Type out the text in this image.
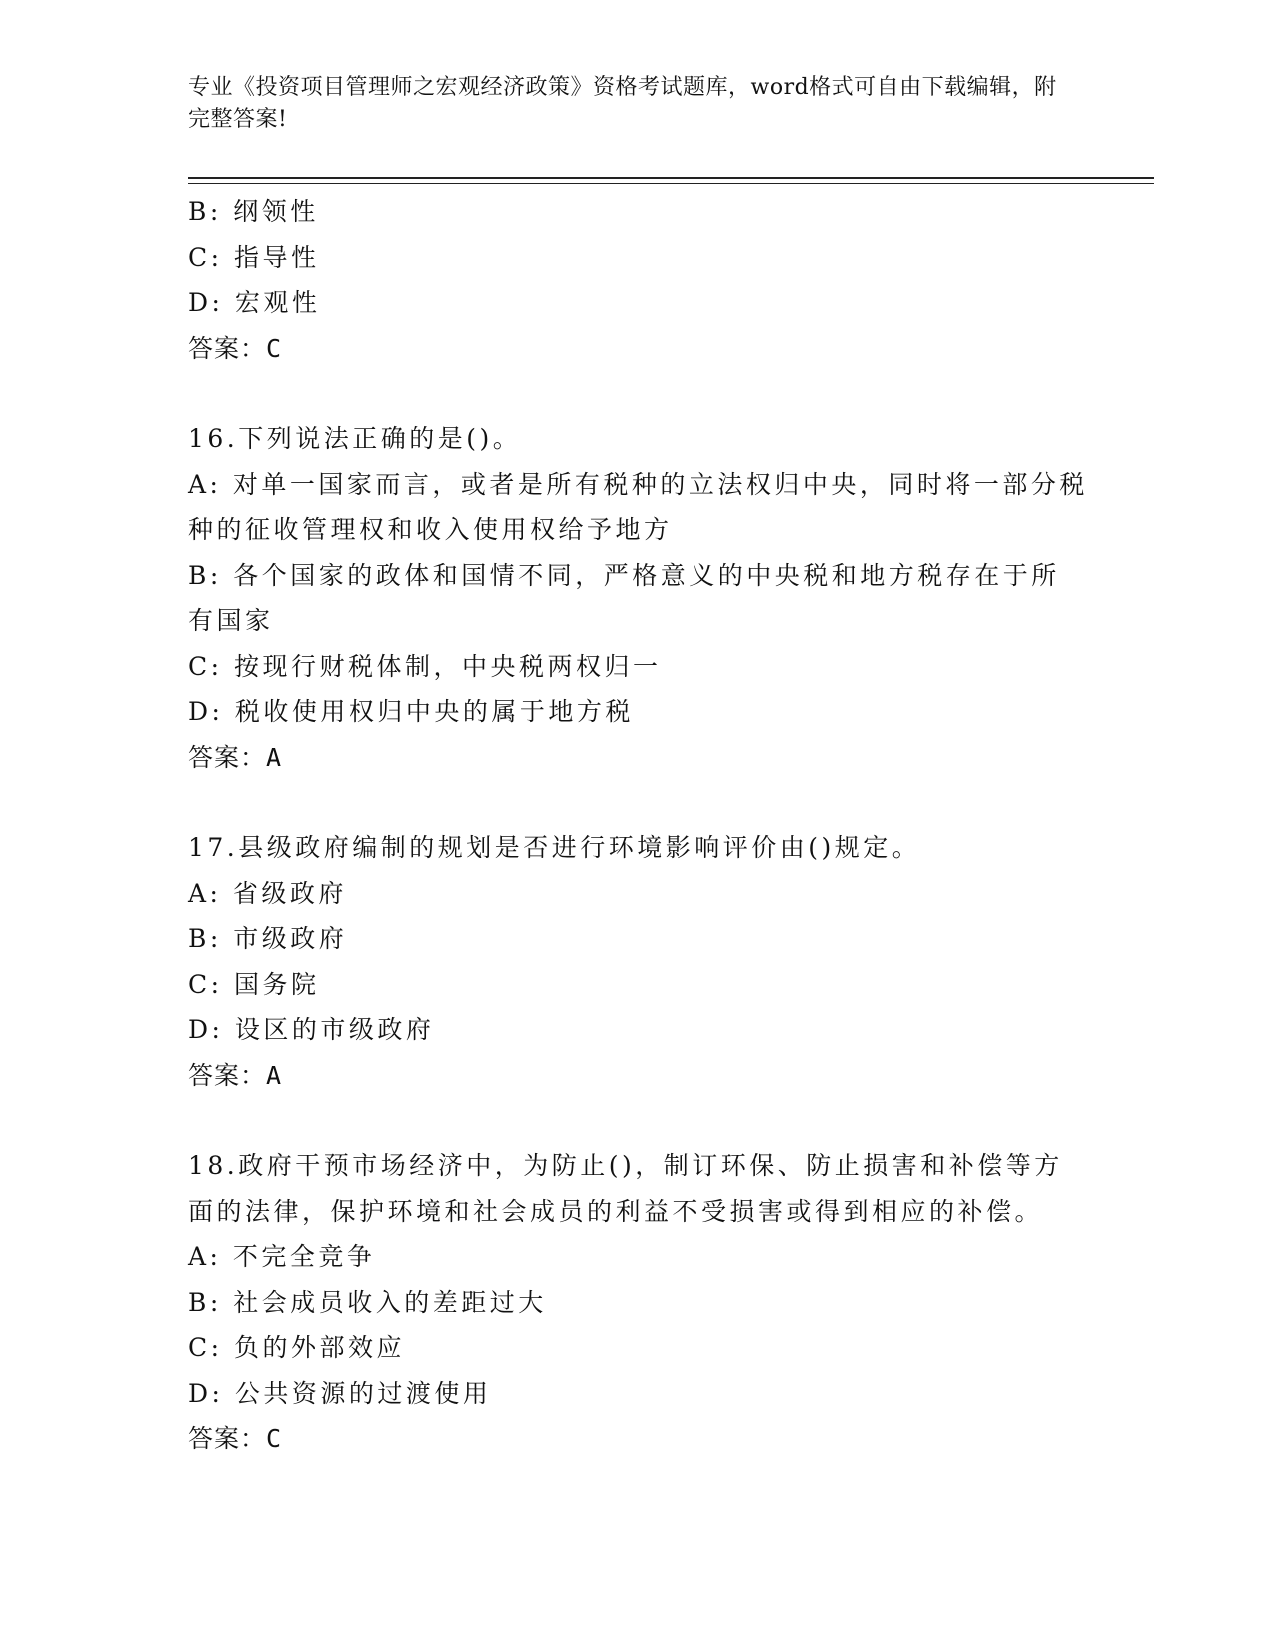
专业《投资项目管理师之宏观经济政策》资格考试题库，word格式可自由下载编辑，附完整答案!
B: 纲领性
C: 指导性
D: 宏观性
答案：C
16.下列说法正确的是()。
A: 对单一国家而言，或者是所有税种的立法权归中央，同时将一部分税种的征收管理权和收入使用权给予地方
B: 各个国家的政体和国情不同，严格意义的中央税和地方税存在于所有国家
C: 按现行财税体制，中央税两权归一
D: 税收使用权归中央的属于地方税
答案：A
17.县级政府编制的规划是否进行环境影响评价由()规定。
A: 省级政府
B: 市级政府
C: 国务院
D: 设区的市级政府
答案：A
18.政府干预市场经济中，为防止()，制订环保、防止损害和补偿等方面的法律，保护环境和社会成员的利益不受损害或得到相应的补偿。
A: 不完全竞争
B: 社会成员收入的差距过大
C: 负的外部效应
D: 公共资源的过渡使用
答案：C
